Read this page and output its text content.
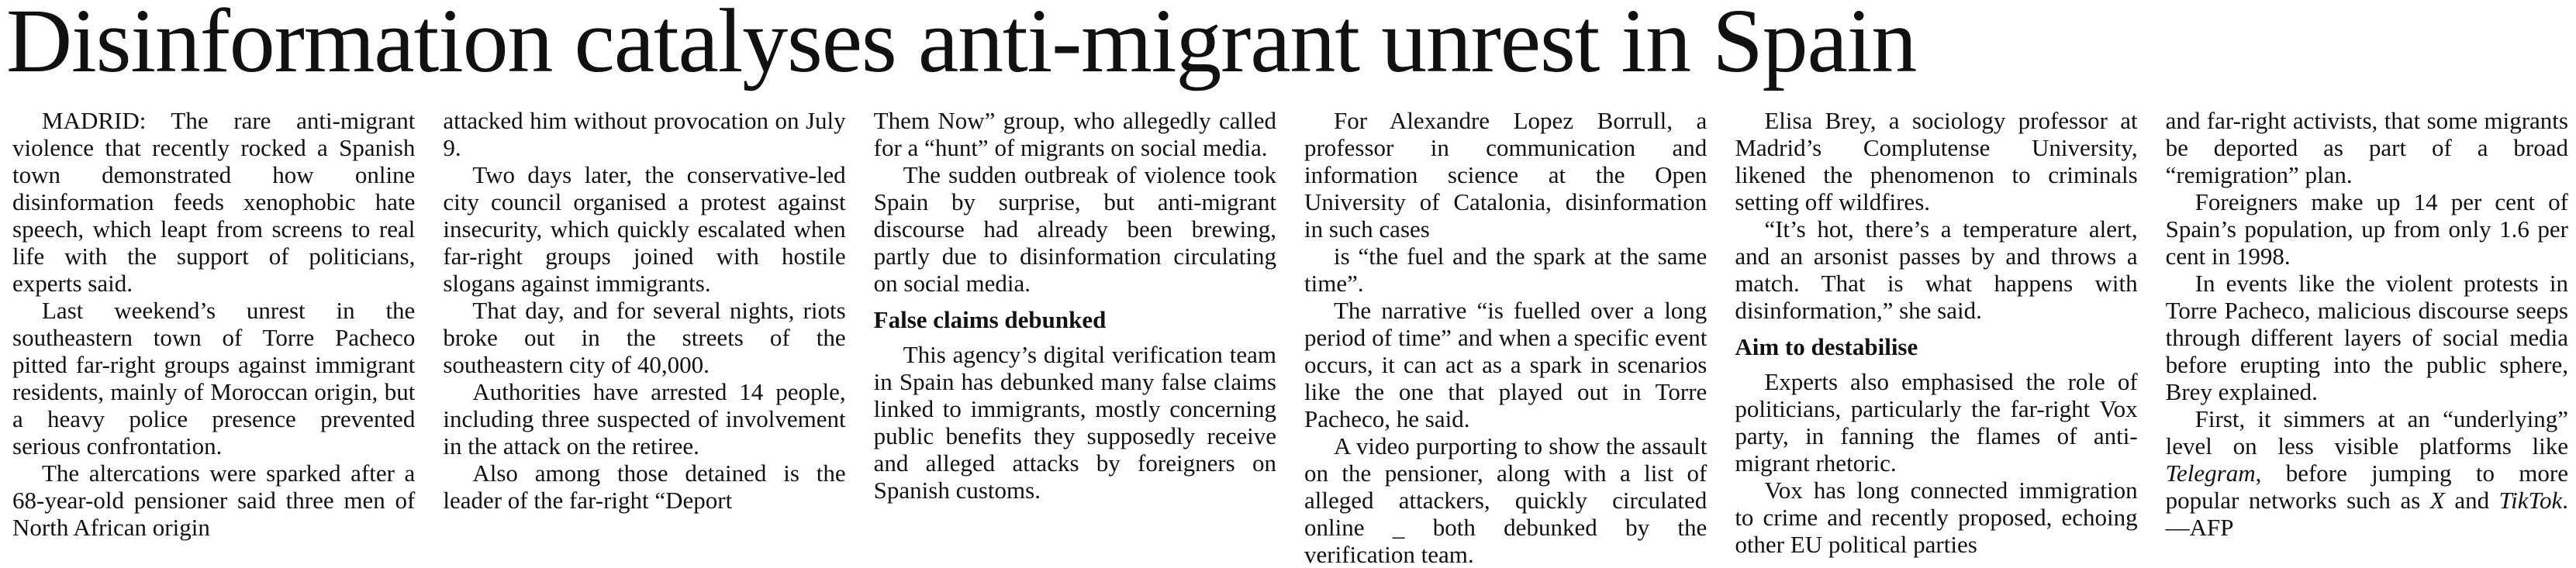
Disinformation catalyses anti-migrant unrest in Spain

MADRID: The rare anti-migrant violence that recently rocked a Spanish town demonstrated how online disinformation feeds xenophobic hate speech, which leapt from screens to real life with the support of politicians, experts said.

Last weekend’s unrest in the southeastern town of Torre Pacheco pitted far-right groups against immigrant residents, mainly of Moroccan origin, but a heavy police presence prevented serious confrontation.

The altercations were sparked after a 68-year-old pensioner said three men of North African origin

attacked him without provocation on July 9.

Two days later, the conservative-led city council organised a protest against insecurity, which quickly escalated when far-right groups joined with hostile slogans against immigrants.

That day, and for several nights, riots broke out in the streets of the southeastern city of 40,000.

Authorities have arrested 14 people, including three suspected of involvement in the attack on the retiree.

Also among those detained is the leader of the far-right “Deport

Them Now” group, who allegedly called for a “hunt” of migrants on social media.

The sudden outbreak of violence took Spain by surprise, but anti-migrant discourse had already been brewing, partly due to disinformation circulating on social media.

False claims debunked

This agency’s digital verification team in Spain has debunked many false claims linked to immigrants, mostly concerning public benefits they supposedly receive and alleged attacks by foreigners on Spanish customs.

For Alexandre Lopez Borrull, a professor in communication and information science at the Open University of Catalonia, disinformation in such cases

is “the fuel and the spark at the same time”.

The narrative “is fuelled over a long period of time” and when a specific event occurs, it can act as a spark in scenarios like the one that played out in Torre Pacheco, he said.

A video purporting to show the assault on the pensioner, along with a list of alleged attackers, quickly circulated online _ both debunked by the verification team.

Elisa Brey, a sociology professor at Madrid’s Complutense University, likened the phenomenon to criminals setting off wildfires.

“It’s hot, there’s a temperature alert, and an arsonist passes by and throws a match. That is what happens with disinformation,” she said.

Aim to destabilise

Experts also emphasised the role of politicians, particularly the far-right Vox party, in fanning the flames of anti-migrant rhetoric.

Vox has long connected immigration to crime and recently proposed, echoing other EU political parties

and far-right activists, that some migrants be deported as part of a broad “remigration” plan.

Foreigners make up 14 per cent of Spain’s population, up from only 1.6 per cent in 1998.

In events like the violent protests in Torre Pacheco, malicious discourse seeps through different layers of social media before erupting into the public sphere, Brey explained.

First, it simmers at an “underlying” level on less visible platforms like Telegram, before jumping to more popular networks such as X and TikTok.—AFP
